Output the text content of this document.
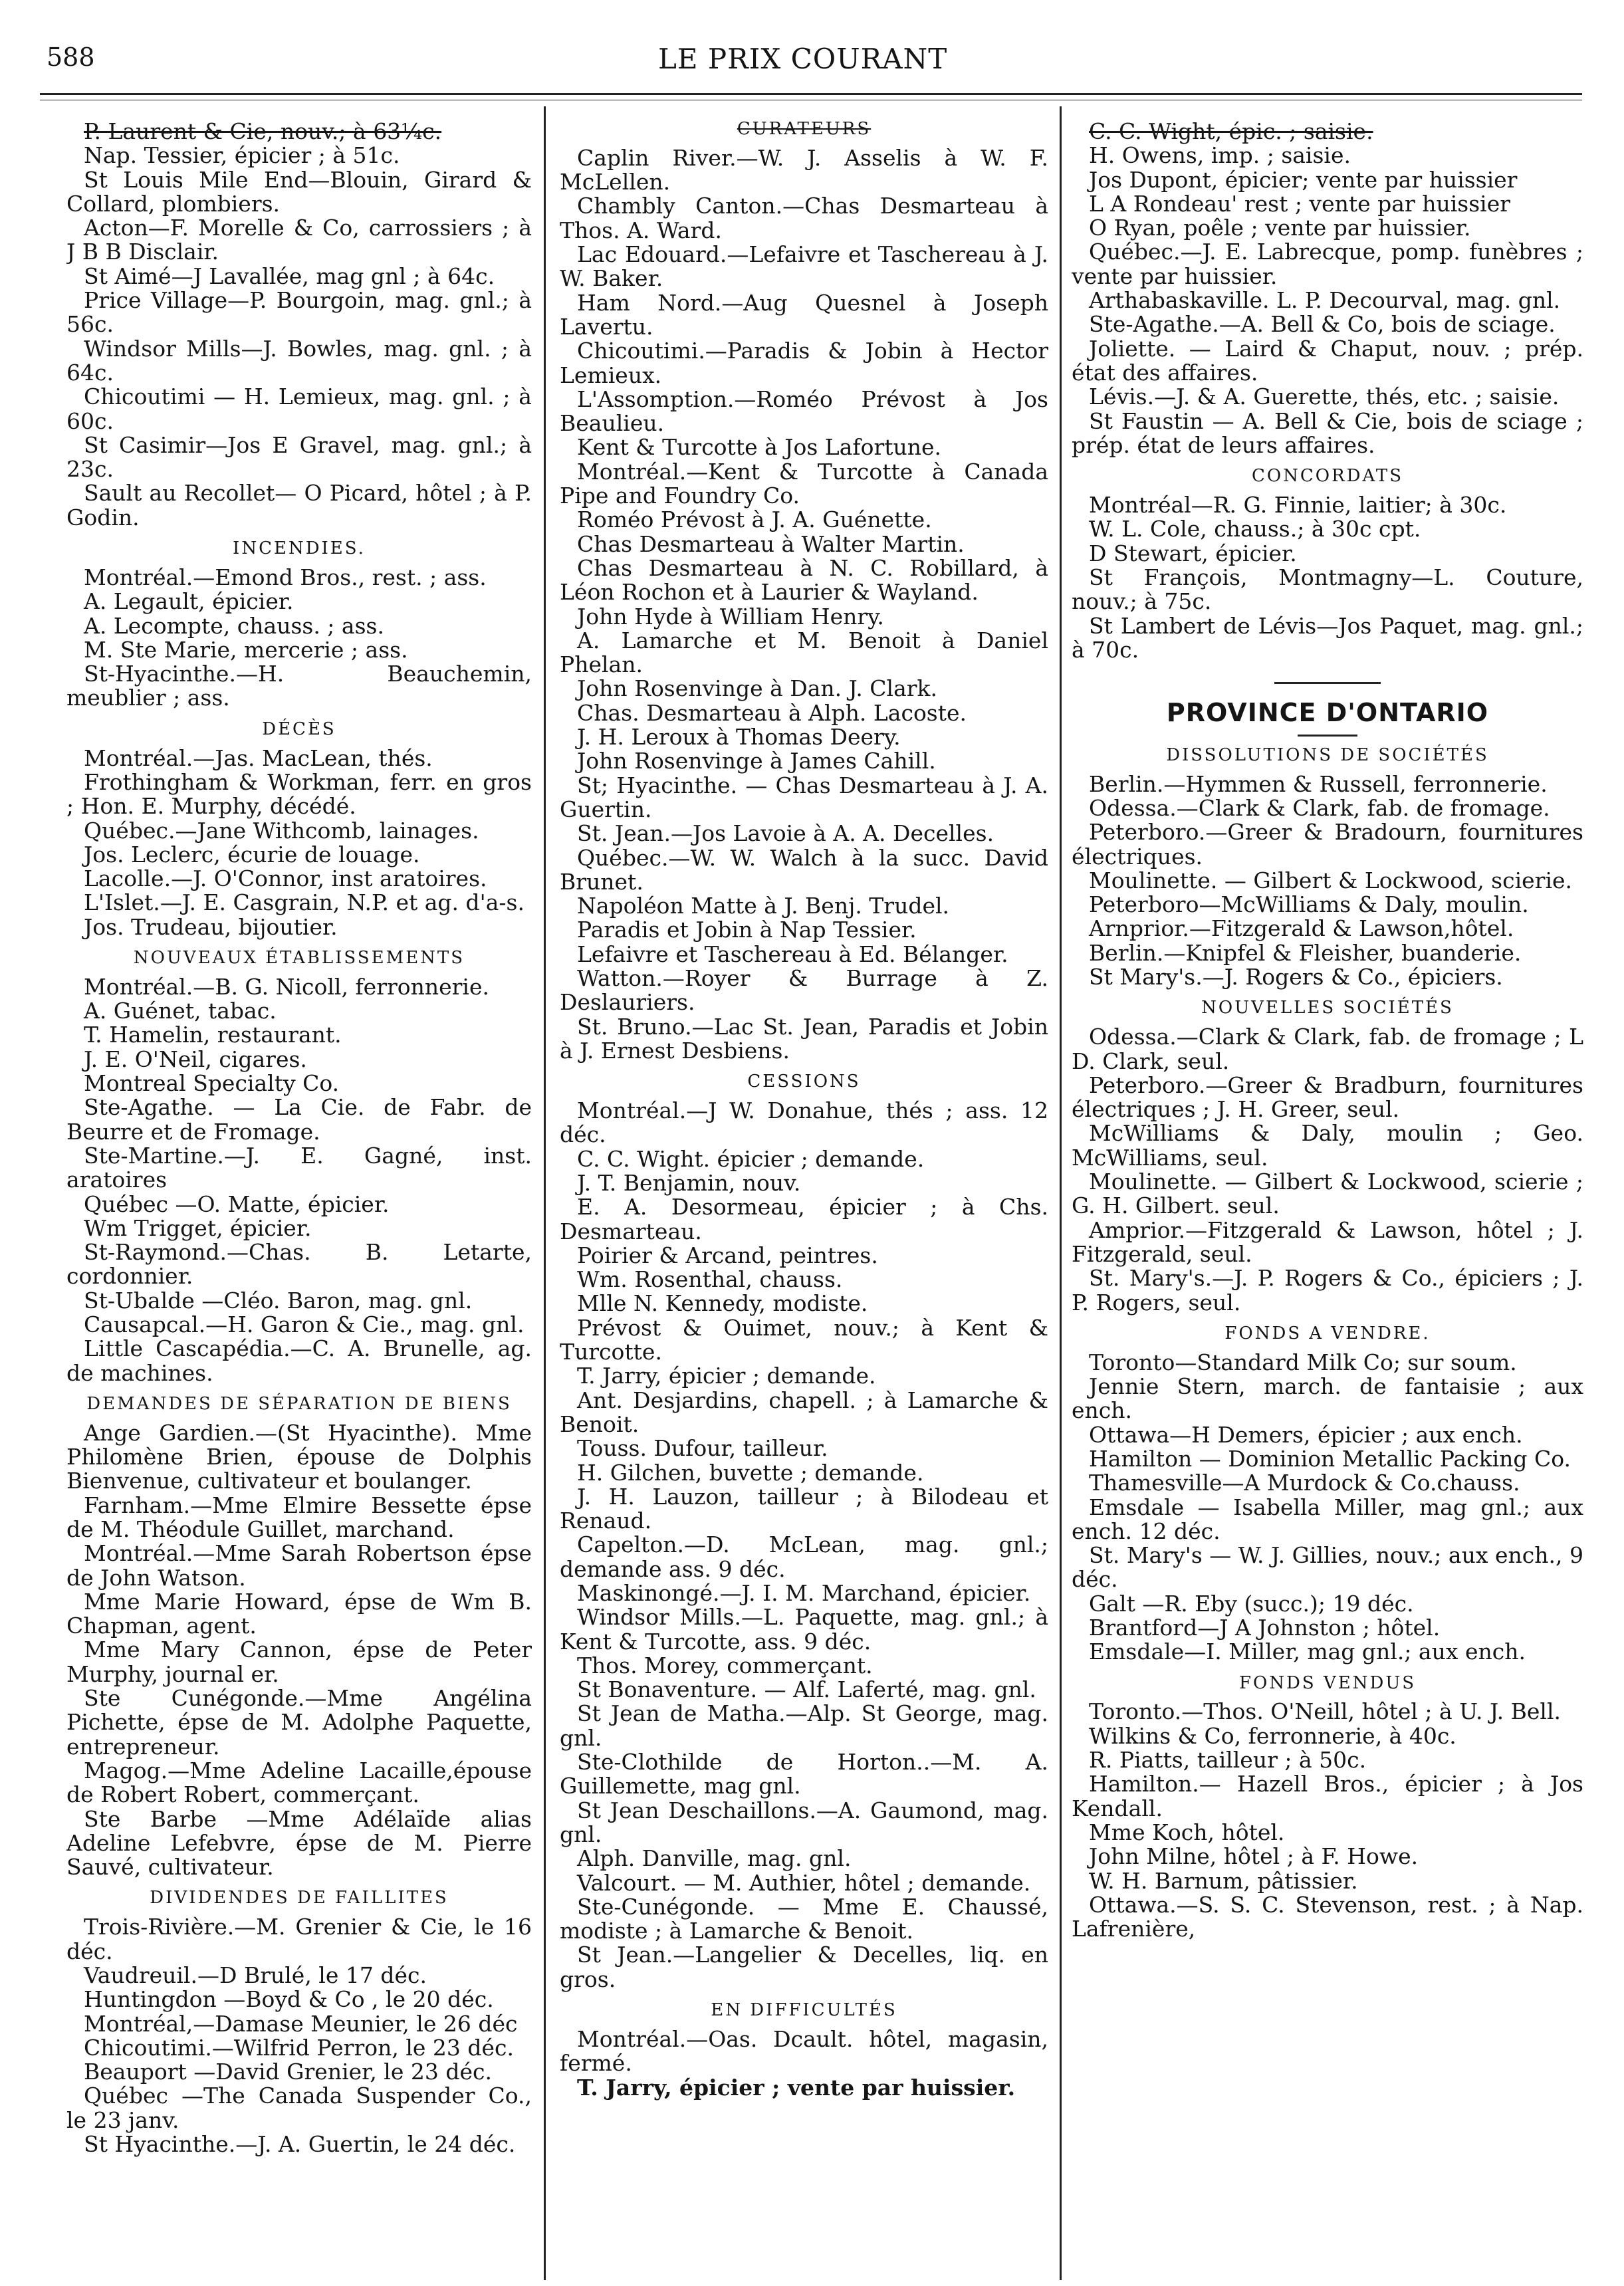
588	LE PRIX COURANT

P. Laurent & Cie, nouv.; à 63¼c.

Nap. Tessier, épicier ; à 51c.

St Louis Mile End—Blouin, Girard & Collard, plombiers.

Acton—F. Morelle & Co, carrossiers ; à J B B Disclair.

St Aimé—J Lavallée, mag gnl ; à 64c.

Price Village—P. Bourgoin, mag. gnl.; à 56c.

Windsor Mills—J. Bowles, mag. gnl. ; à 64c.

Chicoutimi — H. Lemieux, mag. gnl. ; à 60c.

St Casimir—Jos E Gravel, mag. gnl.; à 23c.

Sault au Recollet— O Picard, hôtel ; à P. Godin.

INCENDIES.

Montréal.—Emond Bros., rest. ; ass.

A. Legault, épicier.

A. Lecompte, chauss. ; ass.

M. Ste Marie, mercerie ; ass.

St-Hyacinthe.—H. Beauchemin, meublier ; ass.

DÉCÈS

Montréal.—Jas. MacLean, thés.

Frothingham & Workman, ferr. en gros ; Hon. E. Murphy, décédé.

Québec.—Jane Withcomb, lainages.

Jos. Leclerc, écurie de louage.

Lacolle.—J. O'Connor, inst aratoires.

L'Islet.—J. E. Casgrain, N.P. et ag. d'a-s.

Jos. Trudeau, bijoutier.

NOUVEAUX ÉTABLISSEMENTS

Montréal.—B. G. Nicoll, ferronnerie.

A. Guénet, tabac.

T. Hamelin, restaurant.

J. E. O'Neil, cigares.

Montreal Specialty Co.

Ste-Agathe. — La Cie. de Fabr. de Beurre et de Fromage.

Ste-Martine.—J. E. Gagné, inst. aratoires

Québec —O. Matte, épicier.

Wm Trigget, épicier.

St-Raymond.—Chas. B. Letarte, cordonnier.

St-Ubalde —Cléo. Baron, mag. gnl.

Causapcal.—H. Garon & Cie., mag. gnl.

Little Cascapédia.—C. A. Brunelle, ag. de machines.

DEMANDES DE SÉPARATION DE BIENS

Ange Gardien.—(St Hyacinthe). Mme Philomène Brien, épouse de Dolphis Bienvenue, cultivateur et boulanger.

Farnham.—Mme Elmire Bessette épse de M. Théodule Guillet, marchand.

Montréal.—Mme Sarah Robertson épse de John Watson.

Mme Marie Howard, épse de Wm B. Chapman, agent.

Mme Mary Cannon, épse de Peter Murphy, journal er.

Ste Cunégonde.—Mme Angélina Pichette, épse de M. Adolphe Paquette, entrepreneur.

Magog.—Mme Adeline Lacaille,épouse de Robert Robert, commerçant.

Ste Barbe —Mme Adélaïde alias Adeline Lefebvre, épse de M. Pierre Sauvé, cultivateur.

DIVIDENDES DE FAILLITES

Trois-Rivière.—M. Grenier & Cie, le 16 déc.

Vaudreuil.—D Brulé, le 17 déc.

Huntingdon —Boyd & Co , le 20 déc.

Montréal,—Damase Meunier, le 26 déc

Chicoutimi.—Wilfrid Perron, le 23 déc.

Beauport —David Grenier, le 23 déc.

Québec —The Canada Suspender Co., le 23 janv.

St Hyacinthe.—J. A. Guertin, le 24 déc.

CURATEURS

Caplin River.—W. J. Asselis à W. F. McLellen.

Chambly Canton.—Chas Desmarteau à Thos. A. Ward.

Lac Edouard.—Lefaivre et Taschereau à J. W. Baker.

Ham Nord.—Aug Quesnel à Joseph Lavertu.

Chicoutimi.—Paradis & Jobin à Hector Lemieux.

L'Assomption.—Roméo Prévost à Jos Beaulieu.

Kent & Turcotte à Jos Lafortune.

Montréal.—Kent & Turcotte à Canada Pipe and Foundry Co.

Roméo Prévost à J. A. Guénette.

Chas Desmarteau à Walter Martin.

Chas Desmarteau à N. C. Robillard, à Léon Rochon et à Laurier & Wayland.

John Hyde à William Henry.

A. Lamarche et M. Benoit à Daniel Phelan.

John Rosenvinge à Dan. J. Clark.

Chas. Desmarteau à Alph. Lacoste.

J. H. Leroux à Thomas Deery.

John Rosenvinge à James Cahill.

St; Hyacinthe. — Chas Desmarteau à J. A. Guertin.

St. Jean.—Jos Lavoie à A. A. Decelles.

Québec.—W. W. Walch à la succ. David Brunet.

Napoléon Matte à J. Benj. Trudel.

Paradis et Jobin à Nap Tessier.

Lefaivre et Taschereau à Ed. Bélanger.

Watton.—Royer & Burrage à Z. Deslauriers.

St. Bruno.—Lac St. Jean, Paradis et Jobin à J. Ernest Desbiens.

CESSIONS

Montréal.—J W. Donahue, thés ; ass. 12 déc.

C. C. Wight. épicier ; demande.

J. T. Benjamin, nouv.

E. A. Desormeau, épicier ; à Chs. Desmarteau.

Poirier & Arcand, peintres.

Wm. Rosenthal, chauss.

Mlle N. Kennedy, modiste.

Prévost & Ouimet, nouv.; à Kent & Turcotte.

T. Jarry, épicier ; demande.

Ant. Desjardins, chapell. ; à Lamarche & Benoit.

Touss. Dufour, tailleur.

H. Gilchen, buvette ; demande.

J. H. Lauzon, tailleur ; à Bilodeau et Renaud.

Capelton.—D. McLean, mag. gnl.; demande ass. 9 déc.

Maskinongé.—J. I. M. Marchand, épicier.

Windsor Mills.—L. Paquette, mag. gnl.; à Kent & Turcotte, ass. 9 déc.

Thos. Morey, commerçant.

St Bonaventure. — Alf. Laferté, mag. gnl.

St Jean de Matha.—Alp. St George, mag. gnl.

Ste-Clothilde de Horton..—M. A. Guillemette, mag gnl.

St Jean Deschaillons.—A. Gaumond, mag. gnl.

Alph. Danville, mag. gnl.

Valcourt. — M. Authier, hôtel ; demande.

Ste-Cunégonde. — Mme E. Chaussé, modiste ; à Lamarche & Benoit.

St Jean.—Langelier & Decelles, liq. en gros.

EN DIFFICULTÉS

Montréal.—Oas. Dcault. hôtel, magasin, fermé.

T. Jarry, épicier ; vente par huissier.

C. C. Wight, épic. ; saisie.

H. Owens, imp. ; saisie.

Jos Dupont, épicier; vente par huissier

L A Rondeau' rest ; vente par huissier

O Ryan, poêle ; vente par huissier.

Québec.—J. E. Labrecque, pomp. funèbres ; vente par huissier.

Arthabaskaville. L. P. Decourval, mag. gnl.

Ste-Agathe.—A. Bell & Co, bois de sciage.

Joliette. — Laird & Chaput, nouv. ; prép. état des affaires.

Lévis.—J. & A. Guerette, thés, etc. ; saisie.

St Faustin — A. Bell & Cie, bois de sciage ; prép. état de leurs affaires.

CONCORDATS

Montréal—R. G. Finnie, laitier; à 30c.

W. L. Cole, chauss.; à 30c cpt.

D Stewart, épicier.

St François, Montmagny—L. Couture, nouv.; à 75c.

St Lambert de Lévis—Jos Paquet, mag. gnl.; à 70c.

PROVINCE D'ONTARIO
DISSOLUTIONS DE SOCIÉTÉS

Berlin.—Hymmen & Russell, ferronnerie.

Odessa.—Clark & Clark, fab. de fromage.

Peterboro.—Greer & Bradourn, fournitures électriques.

Moulinette. — Gilbert & Lockwood, scierie.

Peterboro—McWilliams & Daly, moulin.

Arnprior.—Fitzgerald & Lawson,hôtel.

Berlin.—Knipfel & Fleisher, buanderie.

St Mary's.—J. Rogers & Co., épiciers.

NOUVELLES SOCIÉTÉS

Odessa.—Clark & Clark, fab. de fromage ; L D. Clark, seul.

Peterboro.—Greer & Bradburn, fournitures électriques ; J. H. Greer, seul.

McWilliams & Daly, moulin ; Geo. McWilliams, seul.

Moulinette. — Gilbert & Lockwood, scierie ; G. H. Gilbert. seul.

Amprior.—Fitzgerald & Lawson, hôtel ; J. Fitzgerald, seul.

St. Mary's.—J. P. Rogers & Co., épiciers ; J. P. Rogers, seul.

FONDS A VENDRE.

Toronto—Standard Milk Co; sur soum.

Jennie Stern, march. de fantaisie ; aux ench.

Ottawa—H Demers, épicier ; aux ench.

Hamilton — Dominion Metallic Packing Co.

Thamesville—A Murdock & Co.chauss.

Emsdale — Isabella Miller, mag gnl.; aux ench. 12 déc.

St. Mary's — W. J. Gillies, nouv.; aux ench., 9 déc.

Galt —R. Eby (succ.); 19 déc.

Brantford—J A Johnston ; hôtel.

Emsdale—I. Miller, mag gnl.; aux ench.

FONDS VENDUS

Toronto.—Thos. O'Neill, hôtel ; à U. J. Bell.

Wilkins & Co, ferronnerie, à 40c.

R. Piatts, tailleur ; à 50c.

Hamilton.— Hazell Bros., épicier ; à Jos Kendall.

Mme Koch, hôtel.

John Milne, hôtel ; à F. Howe.

W. H. Barnum, pâtissier.

Ottawa.—S. S. C. Stevenson, rest. ; à Nap. Lafrenière,
